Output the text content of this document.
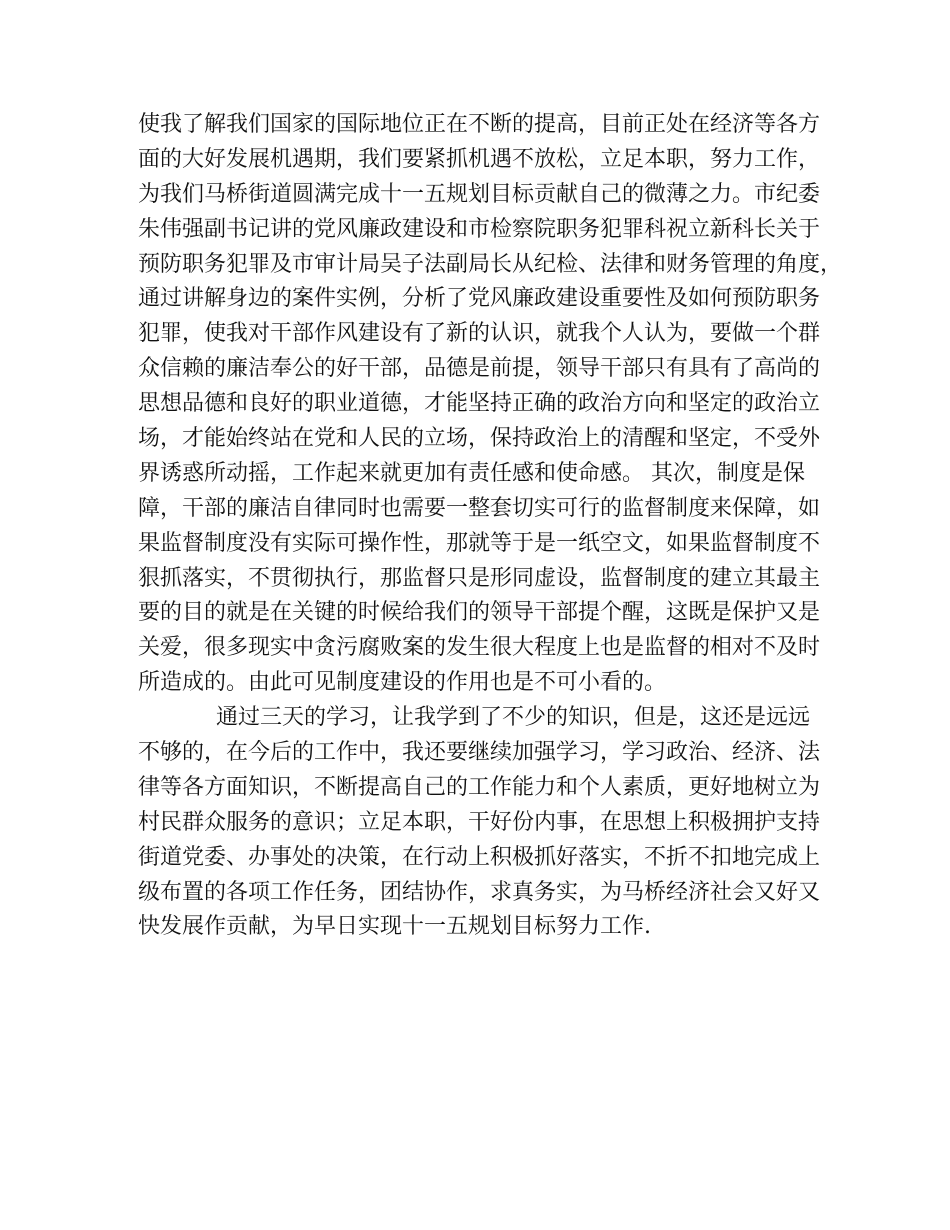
使我了解我们国家的国际地位正在不断的提高，目前正处在经济等各方
面的大好发展机遇期，我们要紧抓机遇不放松，立足本职，努力工作，
为我们马桥街道圆满完成十一五规划目标贡献自己的微薄之力。市纪委
朱伟强副书记讲的党风廉政建设和市检察院职务犯罪科祝立新科长关于
预防职务犯罪及市审计局吴子法副局长从纪检、法律和财务管理的角度，
通过讲解身边的案件实例，分析了党风廉政建设重要性及如何预防职务
犯罪，使我对干部作风建设有了新的认识，就我个人认为，要做一个群
众信赖的廉洁奉公的好干部，品德是前提，领导干部只有具有了高尚的
思想品德和良好的职业道德，才能坚持正确的政治方向和坚定的政治立
场，才能始终站在党和人民的立场，保持政治上的清醒和坚定，不受外
界诱惑所动摇，工作起来就更加有责任感和使命感。 其次，制度是保
障，干部的廉洁自律同时也需要一整套切实可行的监督制度来保障，如
果监督制度没有实际可操作性，那就等于是一纸空文，如果监督制度不
狠抓落实，不贯彻执行，那监督只是形同虚设，监督制度的建立其最主
要的目的就是在关键的时候给我们的领导干部提个醒，这既是保护又是
关爱，很多现实中贪污腐败案的发生很大程度上也是监督的相对不及时
所造成的。由此可见制度建设的作用也是不可小看的。
通过三天的学习，让我学到了不少的知识，但是，这还是远远
不够的，在今后的工作中，我还要继续加强学习，学习政治、经济、法
律等各方面知识，不断提高自己的工作能力和个人素质，更好地树立为
村民群众服务的意识；立足本职，干好份内事，在思想上积极拥护支持
街道党委、办事处的决策，在行动上积极抓好落实，不折不扣地完成上
级布置的各项工作任务，团结协作，求真务实，为马桥经济社会又好又
快发展作贡献，为早日实现十一五规划目标努力工作.
